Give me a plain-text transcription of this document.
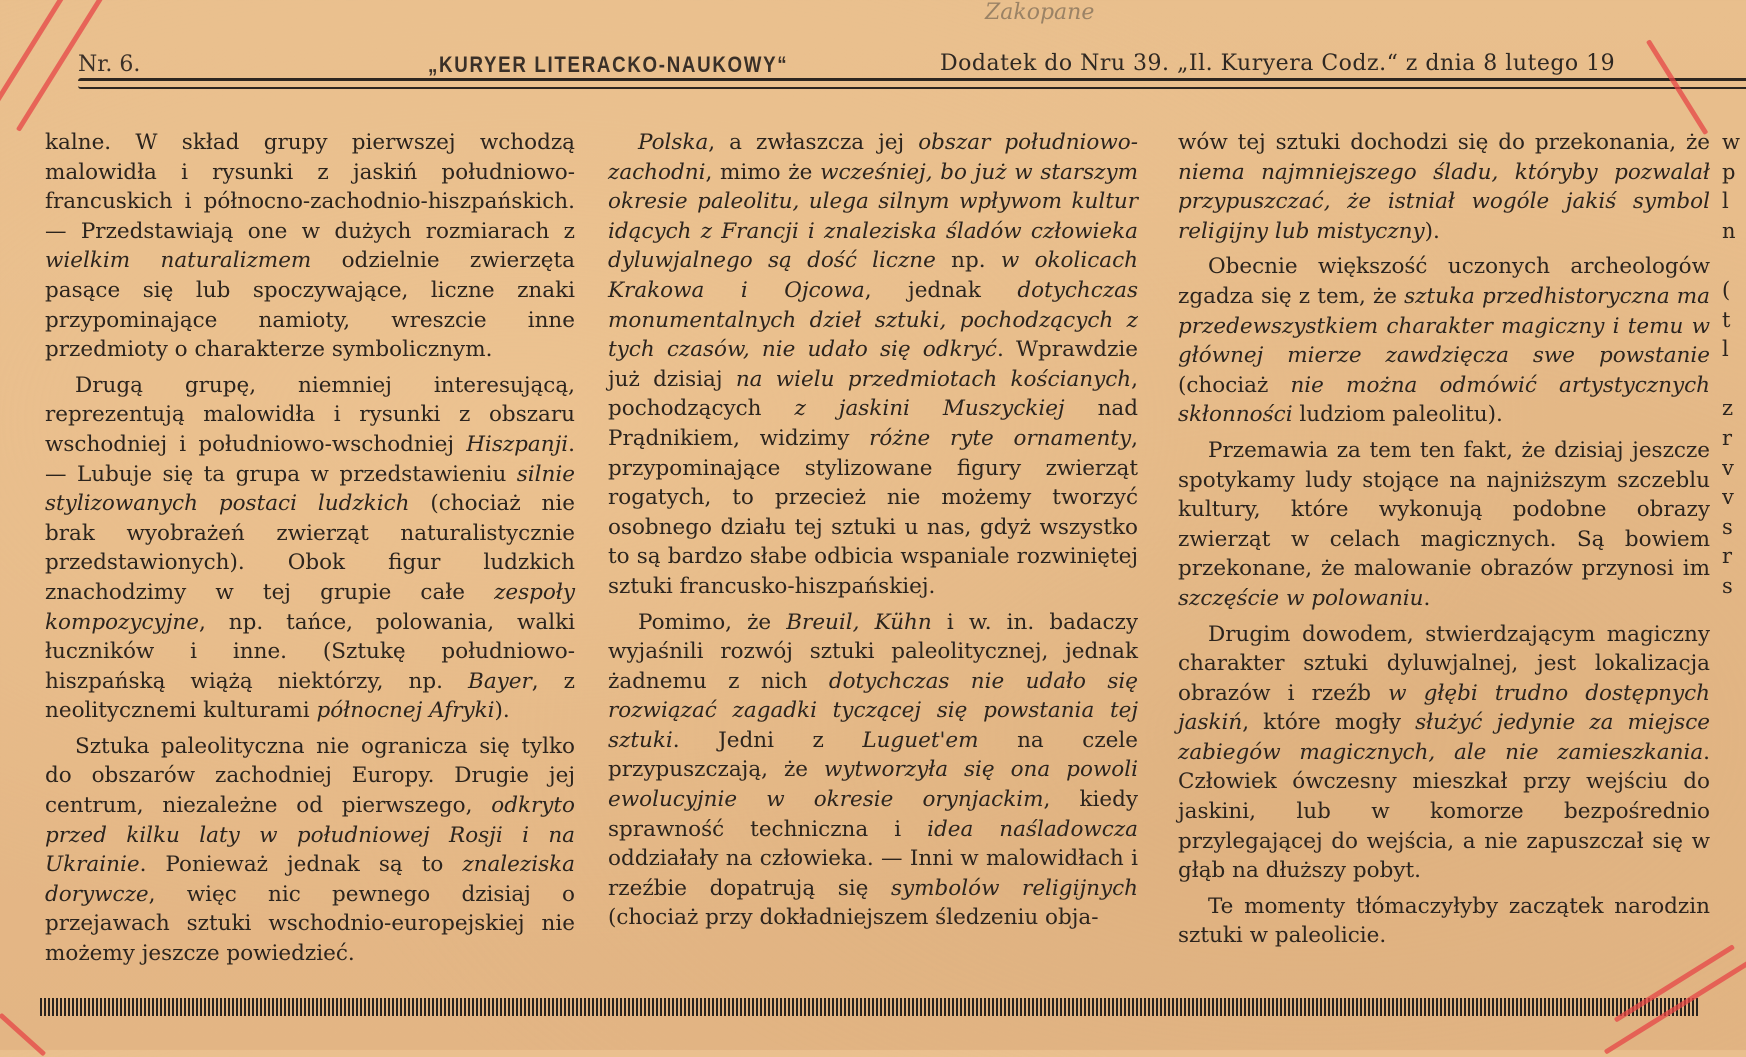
Zakopane
Nr. 6.	„KURYER LITERACKO-NAUKOWY“	Dodatek do Nru 39. „Il. Kuryera Codz.“ z dnia 8 lutego 19

kalne. W skład grupy pierwszej wchodzą malowidła i rysunki z jaskiń południowo-francuskich i północno-zachodnio-hiszpańskich. — Przedstawiają one w dużych rozmiarach z wielkim naturalizmem odzielnie zwierzęta pasące się lub spoczywające, liczne znaki przypominające namioty, wreszcie inne przedmioty o charakterze symbolicznym.

Drugą grupę, niemniej interesującą, reprezentują malowidła i rysunki z obszaru wschodniej i południowo-wschodniej Hiszpanji. — Lubuje się ta grupa w przedstawieniu silnie stylizowanych postaci ludzkich (chociaż nie brak wyobrażeń zwierząt naturalistycznie przedstawionych). Obok figur ludzkich znachodzimy w tej grupie całe zespoły kompozycyjne, np. tańce, polowania, walki łuczników i inne. (Sztukę południowo-hiszpańską wiążą niektórzy, np. Bayer, z neolitycznemi kulturami północnej Afryki).

Sztuka paleolityczna nie ogranicza się tylko do obszarów zachodniej Europy. Drugie jej centrum, niezależne od pierwszego, odkryto przed kilku laty w południowej Rosji i na Ukrainie. Ponieważ jednak są to znaleziska dorywcze, więc nic pewnego dzisiaj o przejawach sztuki wschodnio-europejskiej nie możemy jeszcze powiedzieć.

Polska, a zwłaszcza jej obszar południowo-zachodni, mimo że wcześniej, bo już w starszym okresie paleolitu, ulega silnym wpływom kultur idących z Francji i znaleziska śladów człowieka dyluwjalnego są dość liczne np. w okolicach Krakowa i Ojcowa, jednak dotychczas monumentalnych dzieł sztuki, pochodzących z tych czasów, nie udało się odkryć. Wprawdzie już dzisiaj na wielu przedmiotach kościanych, pochodzących z jaskini Muszyckiej nad Prądnikiem, widzimy różne ryte ornamenty, przypominające stylizowane figury zwierząt rogatych, to przecież nie możemy tworzyć osobnego działu tej sztuki u nas, gdyż wszystko to są bardzo słabe odbicia wspaniale rozwiniętej sztuki francusko-hiszpańskiej.

Pomimo, że Breuil, Kühn i w. in. badaczy wyjaśnili rozwój sztuki paleolitycznej, jednak żadnemu z nich dotychczas nie udało się rozwiązać zagadki tyczącej się powstania tej sztuki. Jedni z Luguet'em na czele przypuszczają, że wytworzyła się ona powoli ewolucyjnie w okresie orynjackim, kiedy sprawność techniczna i idea naśladowcza oddziałały na człowieka. — Inni w malowidłach i rzeźbie dopatrują się symbolów religijnych (chociaż przy dokładniejszem śledzeniu obja-

wów tej sztuki dochodzi się do przekonania, że niema najmniejszego śladu, któryby pozwalał przypuszczać, że istniał wogóle jakiś symbol religijny lub mistyczny).

Obecnie większość uczonych archeologów zgadza się z tem, że sztuka przedhistoryczna ma przedewszystkiem charakter magiczny i temu w głównej mierze zawdzięcza swe powstanie (chociaż nie można odmówić artystycznych skłonności ludziom paleolitu).

Przemawia za tem ten fakt, że dzisiaj jeszcze spotykamy ludy stojące na najniższym szczeblu kultury, które wykonują podobne obrazy zwierząt w celach magicznych. Są bowiem przekonane, że malowanie obrazów przynosi im szczęście w polowaniu.

Drugim dowodem, stwierdzającym magiczny charakter sztuki dyluwjalnej, jest lokalizacja obrazów i rzeźb w głębi trudno dostępnych jaskiń, które mogły służyć jedynie za miejsce zabiegów magicznych, ale nie zamieszkania. Człowiek ówczesny mieszkał przy wejściu do jaskini, lub w komorze bezpośrednio przylegającej do wejścia, a nie zapuszczał się w głąb na dłuższy pobyt.

Te momenty tłómaczyłyby zaczątek narodzin sztuki w paleolicie.

w
p
l
n

(
t
l

z
r
v
v
s
r
s
